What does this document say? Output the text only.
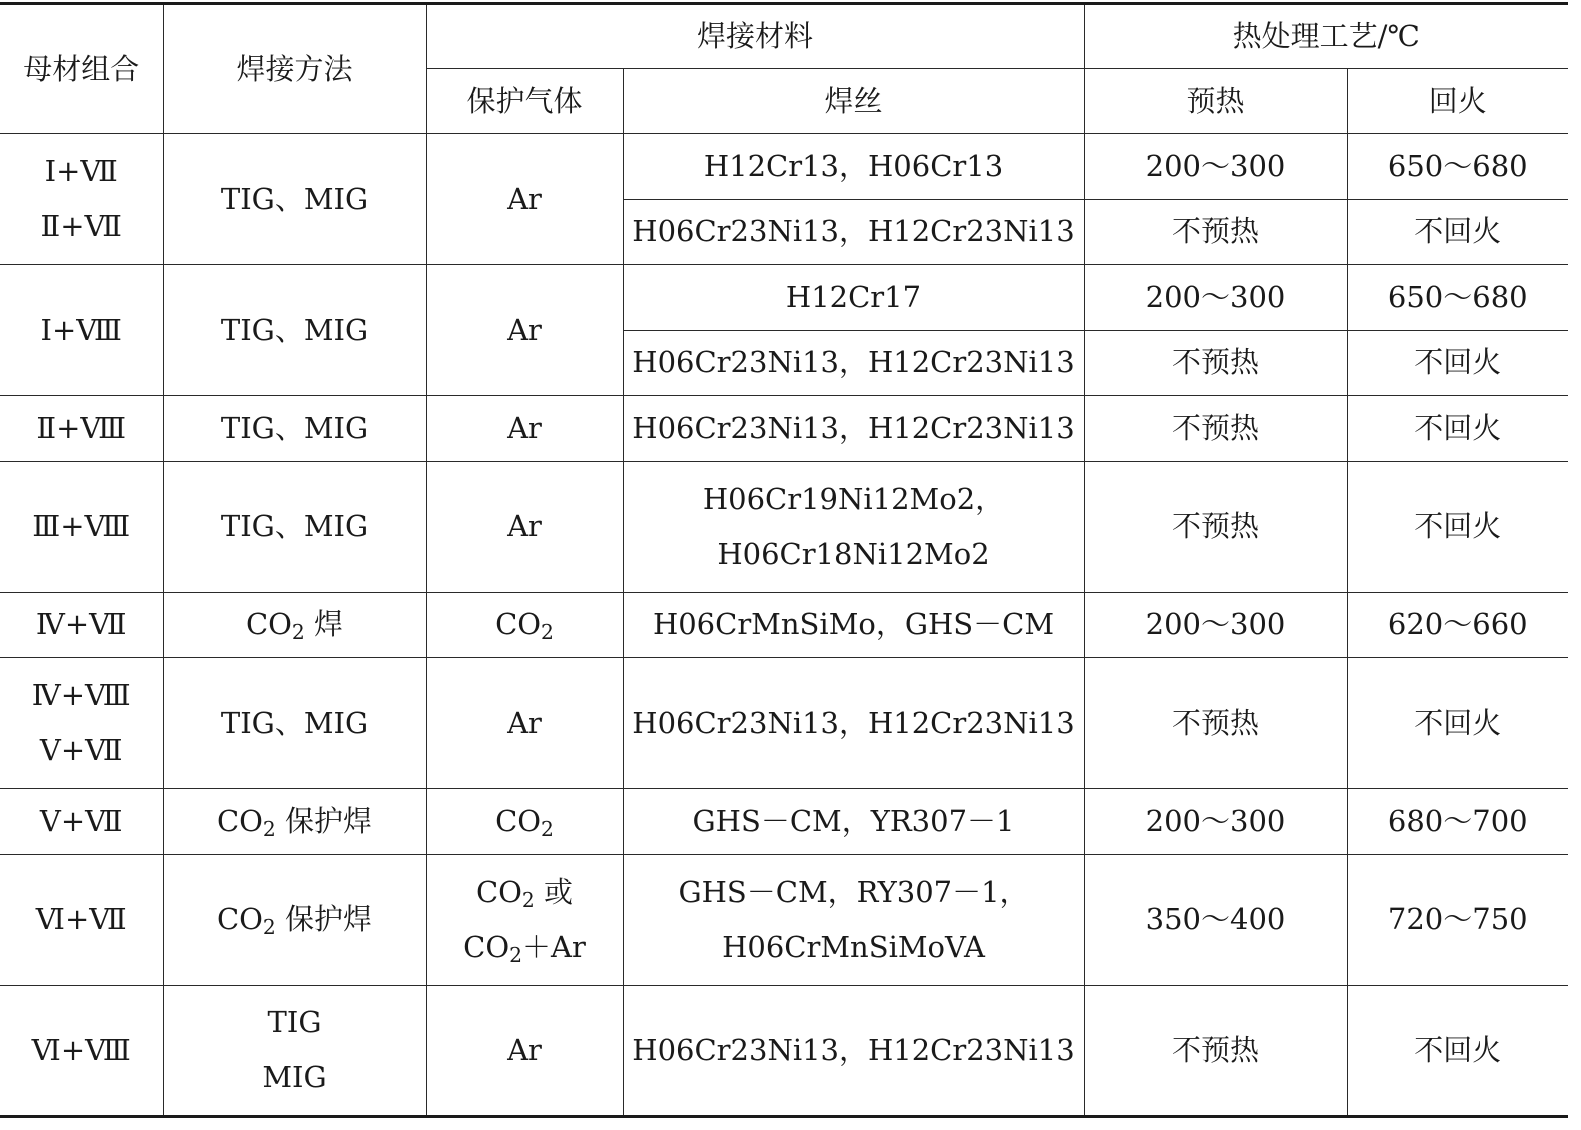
母材组合	焊接方法	焊接材料		热处理工艺/℃	
		保护气体	焊丝	预热	回火

Ⅰ+Ⅶ
Ⅱ+Ⅶ	TIG、MIG	Ar	H12Cr13，H06Cr13	200～300	650～680
			H06Cr23Ni13，H12Cr23Ni13	不预热	不回火
Ⅰ+Ⅷ	TIG、MIG	Ar	H12Cr17	200～300	650～680
			H06Cr23Ni13，H12Cr23Ni13	不预热	不回火
Ⅱ+Ⅷ	TIG、MIG	Ar	H06Cr23Ni13，H12Cr23Ni13	不预热	不回火
Ⅲ+Ⅷ	TIG、MIG	Ar	H06Cr19Ni12Mo2，
H06Cr18Ni12Mo2	不预热	不回火
Ⅳ+Ⅶ	$CO_2$ 焊	$CO_2$	H06CrMnSiMo，GHS－CM	200～300	620～660

Ⅳ+Ⅷ
Ⅴ+Ⅶ	TIG、MIG	Ar	H06Cr23Ni13，H12Cr23Ni13	不预热	不回火
Ⅴ+Ⅶ	$CO_2$ 保护焊	$CO_2$	GHS－CM，YR307－1	200～300	680～700
Ⅵ+Ⅶ	$CO_2$ 保护焊	$CO_2$ 或
$CO_2+Ar$	GHS－CM，RY307－1，
H06CrMnSiMoVA	350～400	720～750
Ⅵ+Ⅷ	TIG
MIG	Ar	H06Cr23Ni13，H12Cr23Ni13	不预热	不回火
